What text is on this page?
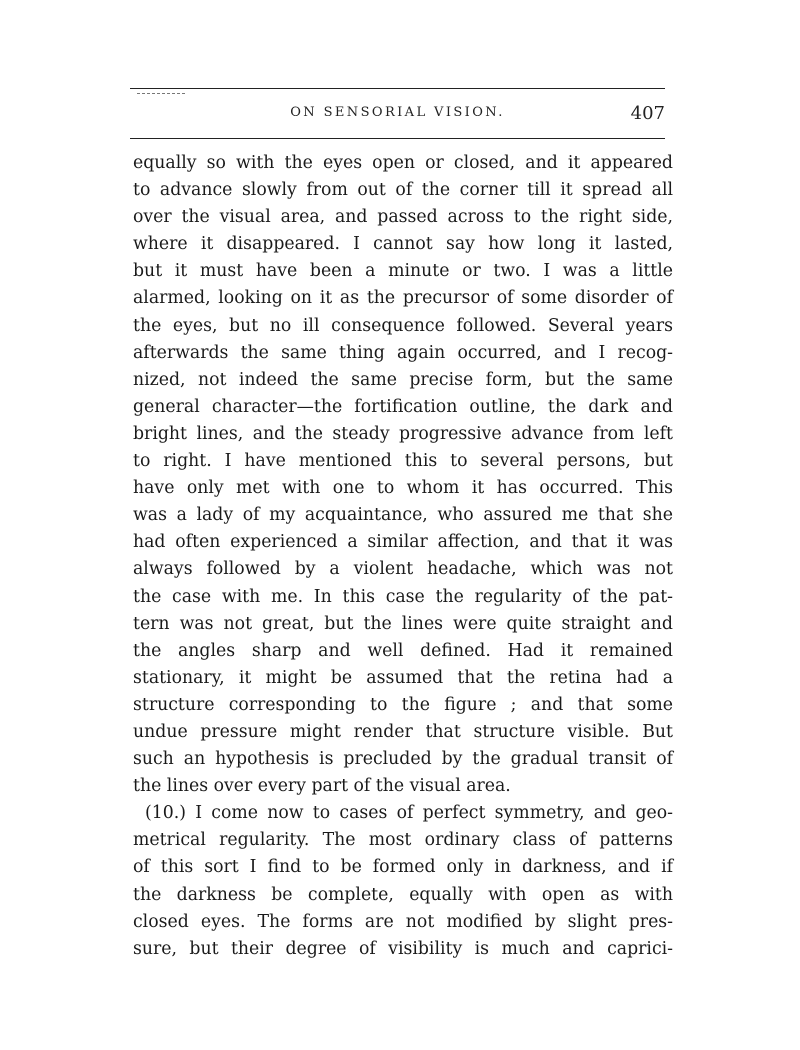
ON SENSORIAL VISION.	407
equally so with the eyes open or closed, and it appeared
to advance slowly from out of the corner till it spread all
over the visual area, and passed across to the right side,
where it disappeared. I cannot say how long it lasted,
but it must have been a minute or two. I was a little
alarmed, looking on it as the precursor of some disorder of
the eyes, but no ill consequence followed. Several years
afterwards the same thing again occurred, and I recog-
nized, not indeed the same precise form, but the same
general character—the fortification outline, the dark and
bright lines, and the steady progressive advance from left
to right. I have mentioned this to several persons, but
have only met with one to whom it has occurred. This
was a lady of my acquaintance, who assured me that she
had often experienced a similar affection, and that it was
always followed by a violent headache, which was not
the case with me. In this case the regularity of the pat-
tern was not great, but the lines were quite straight and
the angles sharp and well defined. Had it remained
stationary, it might be assumed that the retina had a
structure corresponding to the figure ; and that some
undue pressure might render that structure visible. But
such an hypothesis is precluded by the gradual transit of
the lines over every part of the visual area.
(10.) I come now to cases of perfect symmetry, and geo-
metrical regularity. The most ordinary class of patterns
of this sort I find to be formed only in darkness, and if
the darkness be complete, equally with open as with
closed eyes. The forms are not modified by slight pres-
sure, but their degree of visibility is much and caprici-
